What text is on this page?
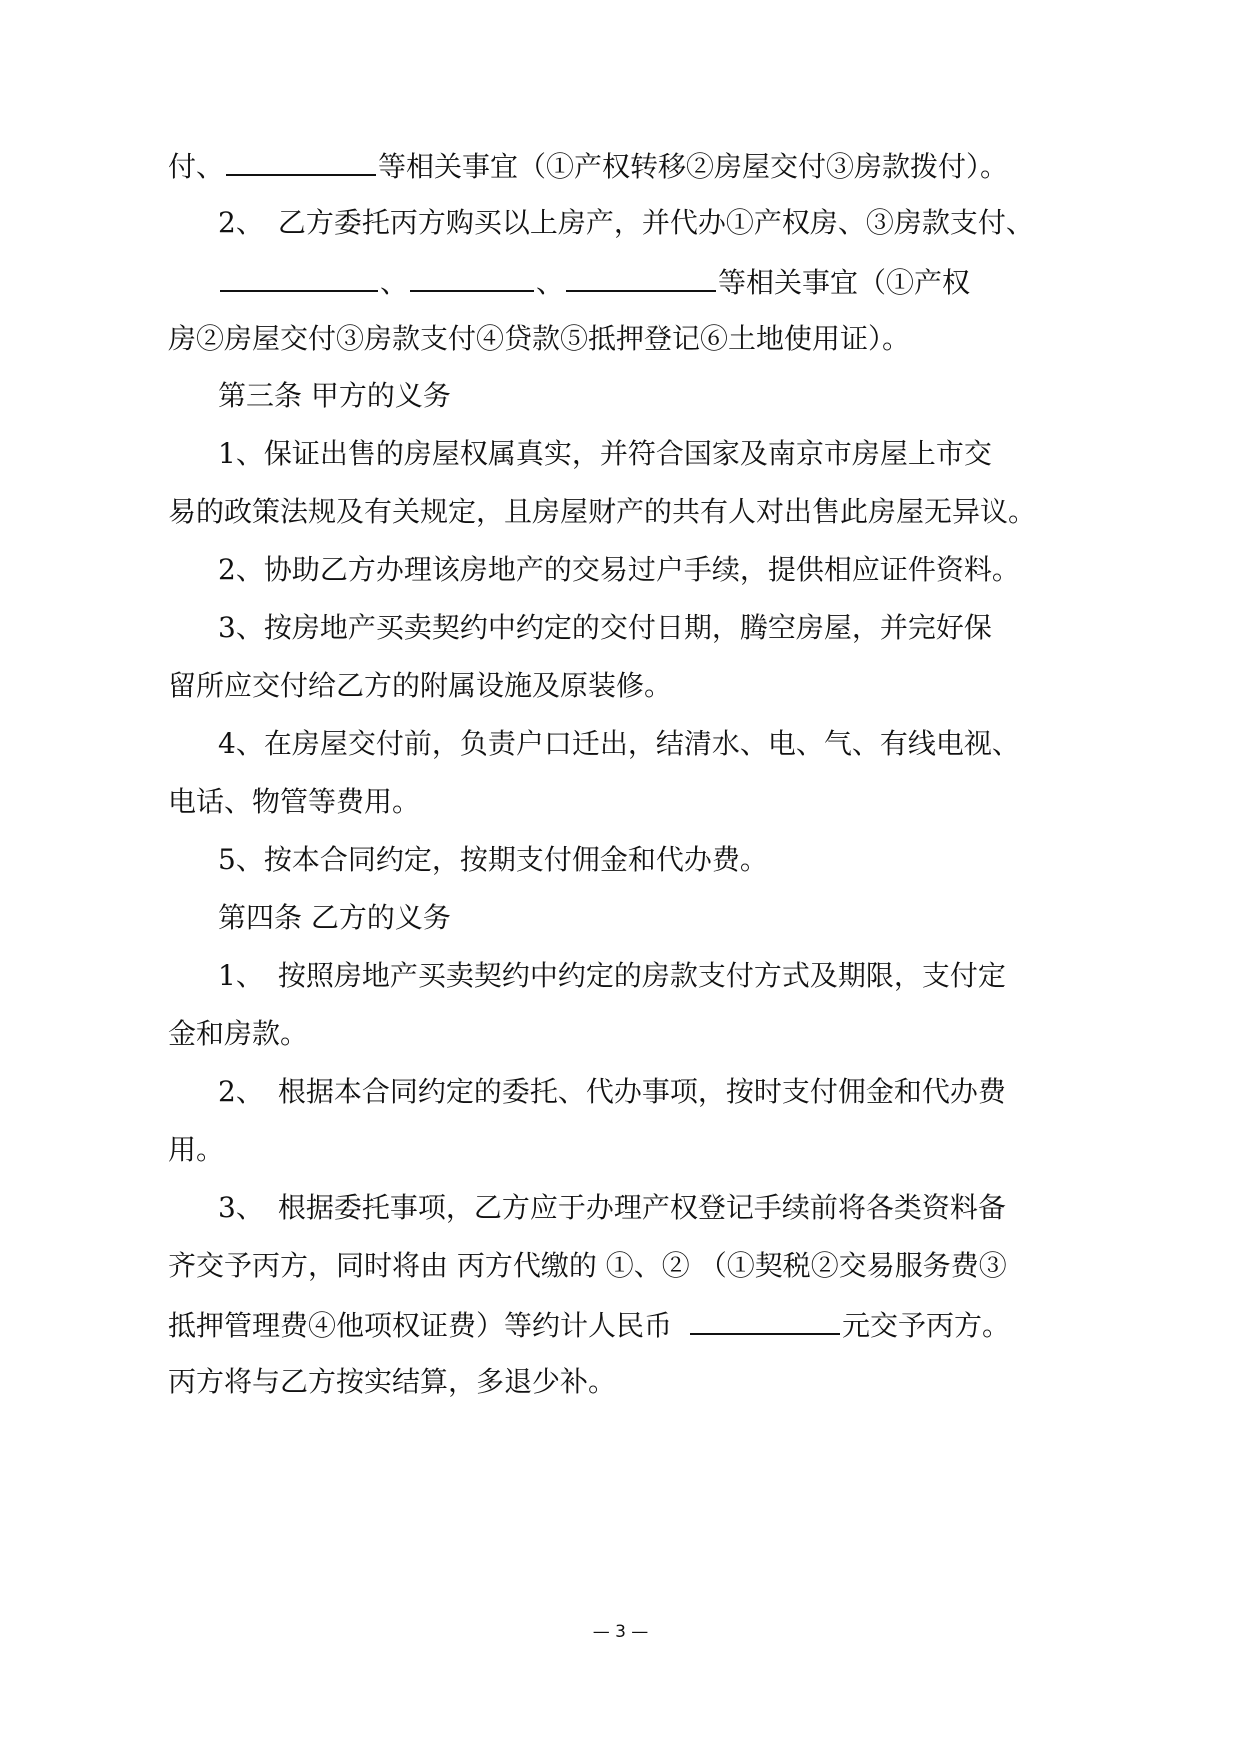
付、	等相关事宜（①产权转移②房屋交付③房款拨付）。
2、　乙方委托丙方购买以上房产，并代办①产权房、③房款支付、
、	、	等相关事宜（①产权
房②房屋交付③房款支付④贷款⑤抵押登记⑥土地使用证）。
第三条 甲方的义务
1、保证出售的房屋权属真实，并符合国家及南京市房屋上市交
易的政策法规及有关规定，且房屋财产的共有人对出售此房屋无异议。
2、协助乙方办理该房地产的交易过户手续，提供相应证件资料。
3、按房地产买卖契约中约定的交付日期，腾空房屋，并完好保
留所应交付给乙方的附属设施及原装修。
4、在房屋交付前，负责户口迁出，结清水、电、气、有线电视、
电话、物管等费用。
5、按本合同约定，按期支付佣金和代办费。
第四条 乙方的义务
1、　按照房地产买卖契约中约定的房款支付方式及期限，支付定
金和房款。
2、　根据本合同约定的委托、代办事项，按时支付佣金和代办费
用。
3、　根据委托事项，乙方应于办理产权登记手续前将各类资料备
齐交予丙方，同时将由 丙方代缴的 ①、② （①契税②交易服务费③
抵押管理费④他项权证费）等约计人民币	元交予丙方。
丙方将与乙方按实结算，多退少补。
— 3 —
